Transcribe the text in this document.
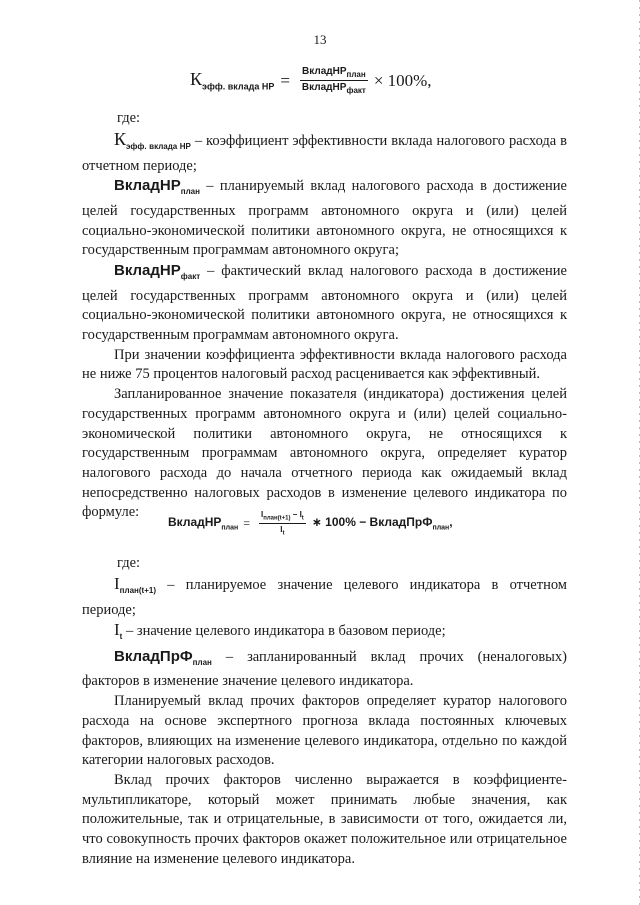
13
$К_{эфф. вклада НР} = \frac{ВкладНР_{план}}{ВкладНР_{факт}} \times 100\%$,
где:

$К_{эфф. вклада НР}$ – коэффициент эффективности вклада налогового расхода в отчетном периоде;

ВкладНР$_{план}$ – планируемый вклад налогового расхода в достижение целей государственных программ автономного округа и (или) целей социально-экономической политики автономного округа, не относящихся к государственным программам автономного округа;

ВкладНР$_{факт}$ – фактический вклад налогового расхода в достижение целей государственных программ автономного округа и (или) целей социально-экономической политики автономного округа, не относящихся к государственным программам автономного округа.

При значении коэффициента эффективности вклада налогового расхода не ниже 75 процентов налоговый расход расценивается как эффективный.

Запланированное значение показателя (индикатора) достижения целей государственных программ автономного округа и (или) целей социально-экономической политики автономного округа, не относящихся к государственным программам автономного округа, определяет куратор налогового расхода до начала отчетного периода как ожидаемый вклад непосредственно налоговых расходов в изменение целевого индикатора по формуле:

ВкладНР$_{план}$ = $\frac{I_{план(t+1)} - I_t}{I_t}$ ∗ 100% − ВкладПрФ$_{план}$,
где:

$I_{план(t+1)}$ – планируемое значение целевого индикатора в отчетном периоде;

$I_t$ – значение целевого индикатора в базовом периоде;

ВкладПрФ$_{план}$ – запланированный вклад прочих (неналоговых) факторов в изменение значение целевого индикатора.

Планируемый вклад прочих факторов определяет куратор налогового расхода на основе экспертного прогноза вклада постоянных ключевых факторов, влияющих на изменение целевого индикатора, отдельно по каждой категории налоговых расходов.

Вклад прочих факторов численно выражается в коэффициенте-мультипликаторе, который может принимать любые значения, как положительные, так и отрицательные, в зависимости от того, ожидается ли, что совокупность прочих факторов окажет положительное или отрицательное влияние на изменение целевого индикатора.
